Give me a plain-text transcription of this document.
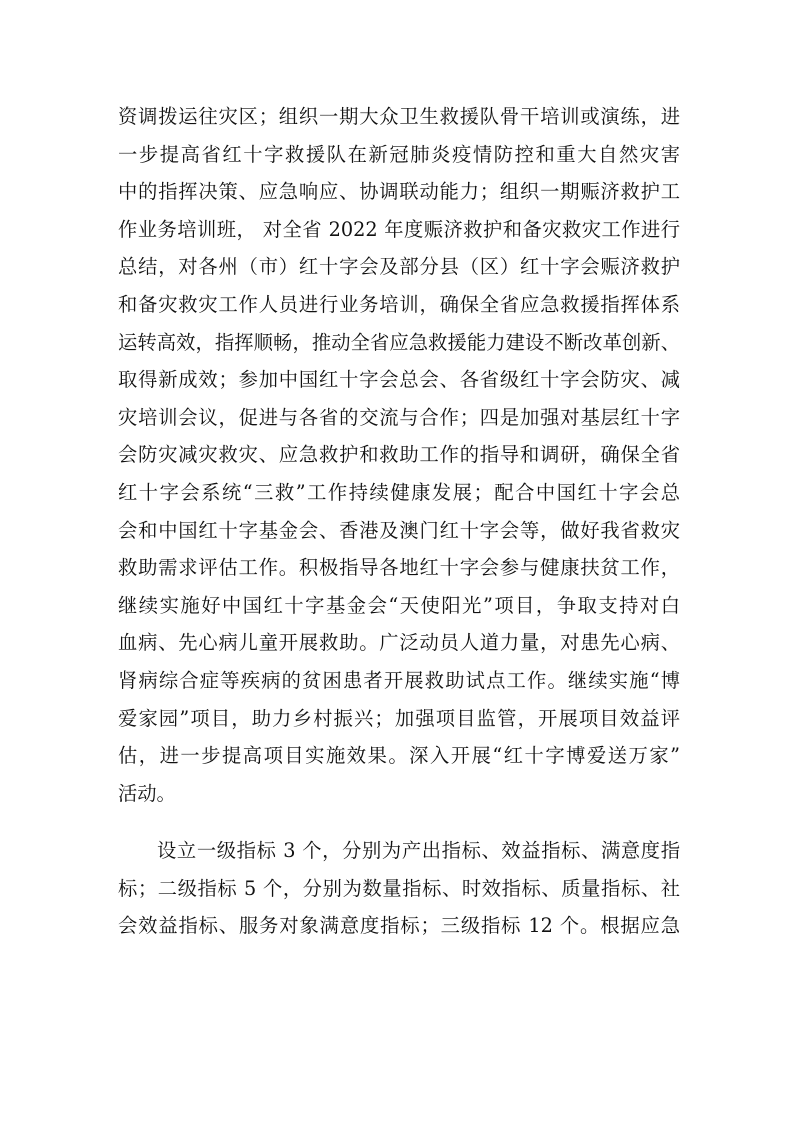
资调拨运往灾区；组织一期大众卫生救援队骨干培训或演练，进
一步提高省红十字救援队在新冠肺炎疫情防控和重大自然灾害
中的指挥决策、应急响应、协调联动能力；组织一期赈济救护工
作业务培训班， 对全省 2022 年度赈济救护和备灾救灾工作进行
总结，对各州（市）红十字会及部分县（区）红十字会赈济救护
和备灾救灾工作人员进行业务培训，确保全省应急救援指挥体系
运转高效，指挥顺畅，推动全省应急救援能力建设不断改革创新、
取得新成效；参加中国红十字会总会、各省级红十字会防灾、减
灾培训会议，促进与各省的交流与合作；四是加强对基层红十字
会防灾减灾救灾、应急救护和救助工作的指导和调研，确保全省
红十字会系统“三救”工作持续健康发展；配合中国红十字会总
会和中国红十字基金会、香港及澳门红十字会等，做好我省救灾
救助需求评估工作。积极指导各地红十字会参与健康扶贫工作，
继续实施好中国红十字基金会“天使阳光”项目，争取支持对白
血病、先心病儿童开展救助。广泛动员人道力量，对患先心病、
肾病综合症等疾病的贫困患者开展救助试点工作。继续实施“博
爱家园”项目，助力乡村振兴；加强项目监管，开展项目效益评
估，进一步提高项目实施效果。深入开展“红十字博爱送万家”
活动。
设立一级指标 3 个，分别为产出指标、效益指标、满意度指
标；二级指标 5 个，分别为数量指标、时效指标、质量指标、社
会效益指标、服务对象满意度指标；三级指标 12 个。根据应急
